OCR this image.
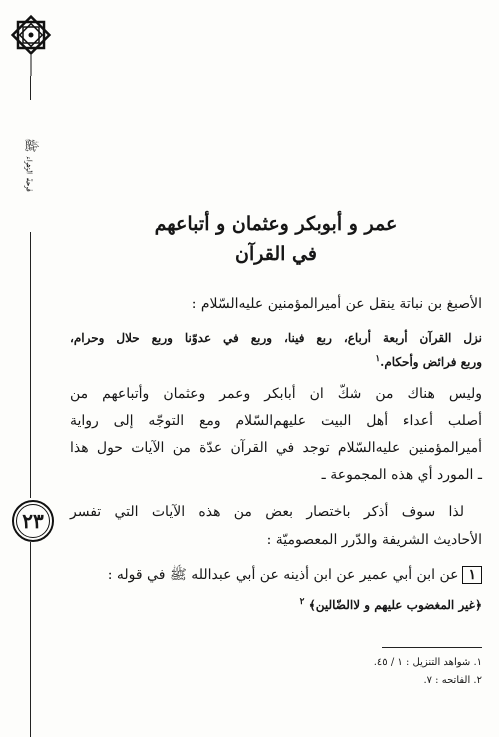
فرحة الزهراء ﷺ
٢٣
عمر و أبوبكر وعثمان و أتباعهم
في القرآن
الأصبغ بن نباتة ينقل عن أميرالمؤمنين عليه‌السّلام :
نزل القرآن أربعة أرباع، ربع فينا، وربع في عدوّنا وربع حلال وحرام،
وربع فرائض وأحكام.$^١$
وليس هناك من شكّ ان أبابكر وعمر وعثمان وأتباعهم من
أصلب أعداء أهل البيت عليهم‌السّلام ومع التوجّه إلى رواية
أميرالمؤمنين عليه‌السّلام توجد في القرآن عدّة من الآيات حول هذا
ـ المورد أي هذه المجموعة ـ
لذا سوف أذكر باختصار بعض من هذه الآيات التي تفسر
الأحاديث الشريفة والدّرر المعصوميّة :
١عن ابن أبي عمير عن ابن أذينه عن أبي عبدالله ﷺ في قوله :
﴿غير المغضوب عليهم و لاالضّالين﴾ $^٢$
١. شواهد التنزيل : ١ / ٤٥.
٢. الفاتحه : ٧.
